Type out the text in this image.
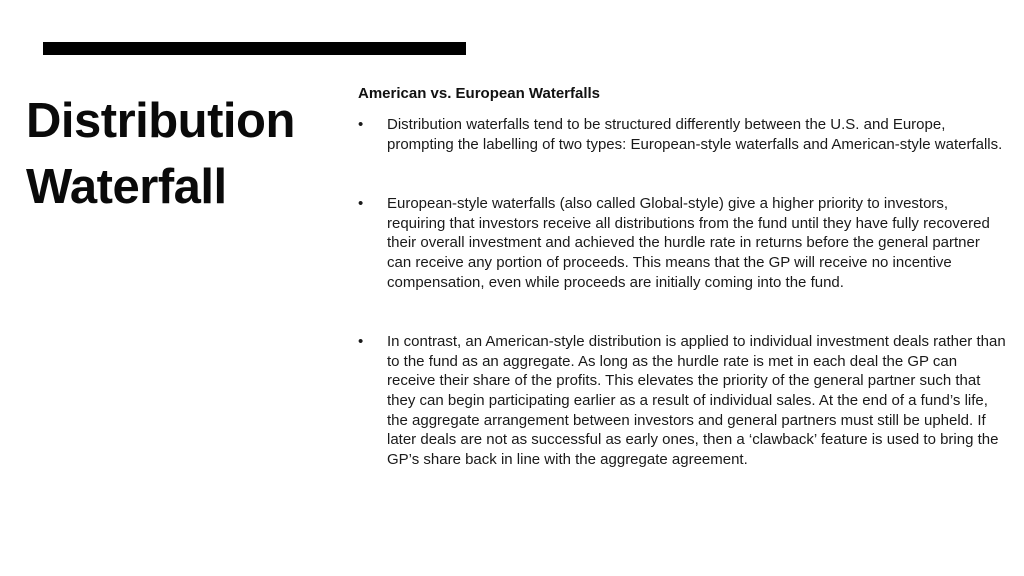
Distribution
Waterfall

American vs. European Waterfalls

•	Distribution waterfalls tend to be structured differently between the U.S. and Europe, prompting the labelling of two types: European-style waterfalls and American-style waterfalls.
•	European-style waterfalls (also called Global-style) give a higher priority to investors, requiring that investors receive all distributions from the fund until they have fully recovered their overall investment and achieved the hurdle rate in returns before the general partner can receive any portion of proceeds. This means that the GP will receive no incentive compensation, even while proceeds are initially coming into the fund.
•	In contrast, an American-style distribution is applied to individual investment deals rather than to the fund as an aggregate. As long as the hurdle rate is met in each deal the GP can receive their share of the profits. This elevates the priority of the general partner such that they can begin participating earlier as a result of individual sales. At the end of a fund’s life, the aggregate arrangement between investors and general partners must still be upheld. If later deals are not as successful as early ones, then a ‘clawback’ feature is used to bring the GP’s share back in line with the aggregate agreement.
